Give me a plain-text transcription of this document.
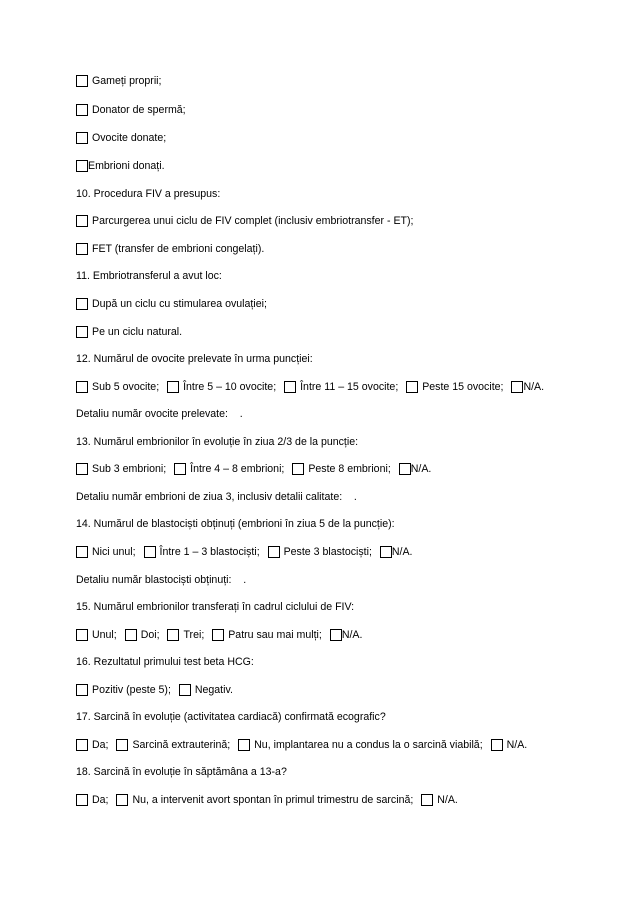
Gameți proprii;
Donator de spermă;
Ovocite donate;
Embrioni donați.
10. Procedura FIV a presupus:
Parcurgerea unui ciclu de FIV complet (inclusiv embriotransfer - ET);
FET (transfer de embrioni congelați).
11. Embriotransferul a avut loc:
După un ciclu cu stimularea ovulației;
Pe un ciclu natural.
12. Numărul de ovocite prelevate în urma puncției:
Sub 5 ovocite; Între 5 – 10 ovocite; Între 11 – 15 ovocite; Peste 15 ovocite; N/A.
Detaliu număr ovocite prelevate:    .
13. Numărul embrionilor în evoluție în ziua 2/3 de la puncție:
Sub 3 embrioni; Între 4 – 8 embrioni; Peste 8 embrioni; N/A.
Detaliu număr embrioni de ziua 3, inclusiv detalii calitate:    .
14. Numărul de blastociști obținuți (embrioni în ziua 5 de la puncție):
Nici unul; Între 1 – 3 blastociști; Peste 3 blastociști; N/A.
Detaliu număr blastociști obținuți:    .
15. Numărul embrionilor transferați în cadrul ciclului de FIV:
Unul; Doi; Trei; Patru sau mai mulți; N/A.
16. Rezultatul primului test beta HCG:
Pozitiv (peste 5); Negativ.
17. Sarcină în evoluție (activitatea cardiacă) confirmată ecografic?
Da; Sarcină extrauterină; Nu, implantarea nu a condus la o sarcină viabilă; N/A.
18. Sarcină în evoluție în săptămâna a 13-a?
Da; Nu, a intervenit avort spontan în primul trimestru de sarcină; N/A.
